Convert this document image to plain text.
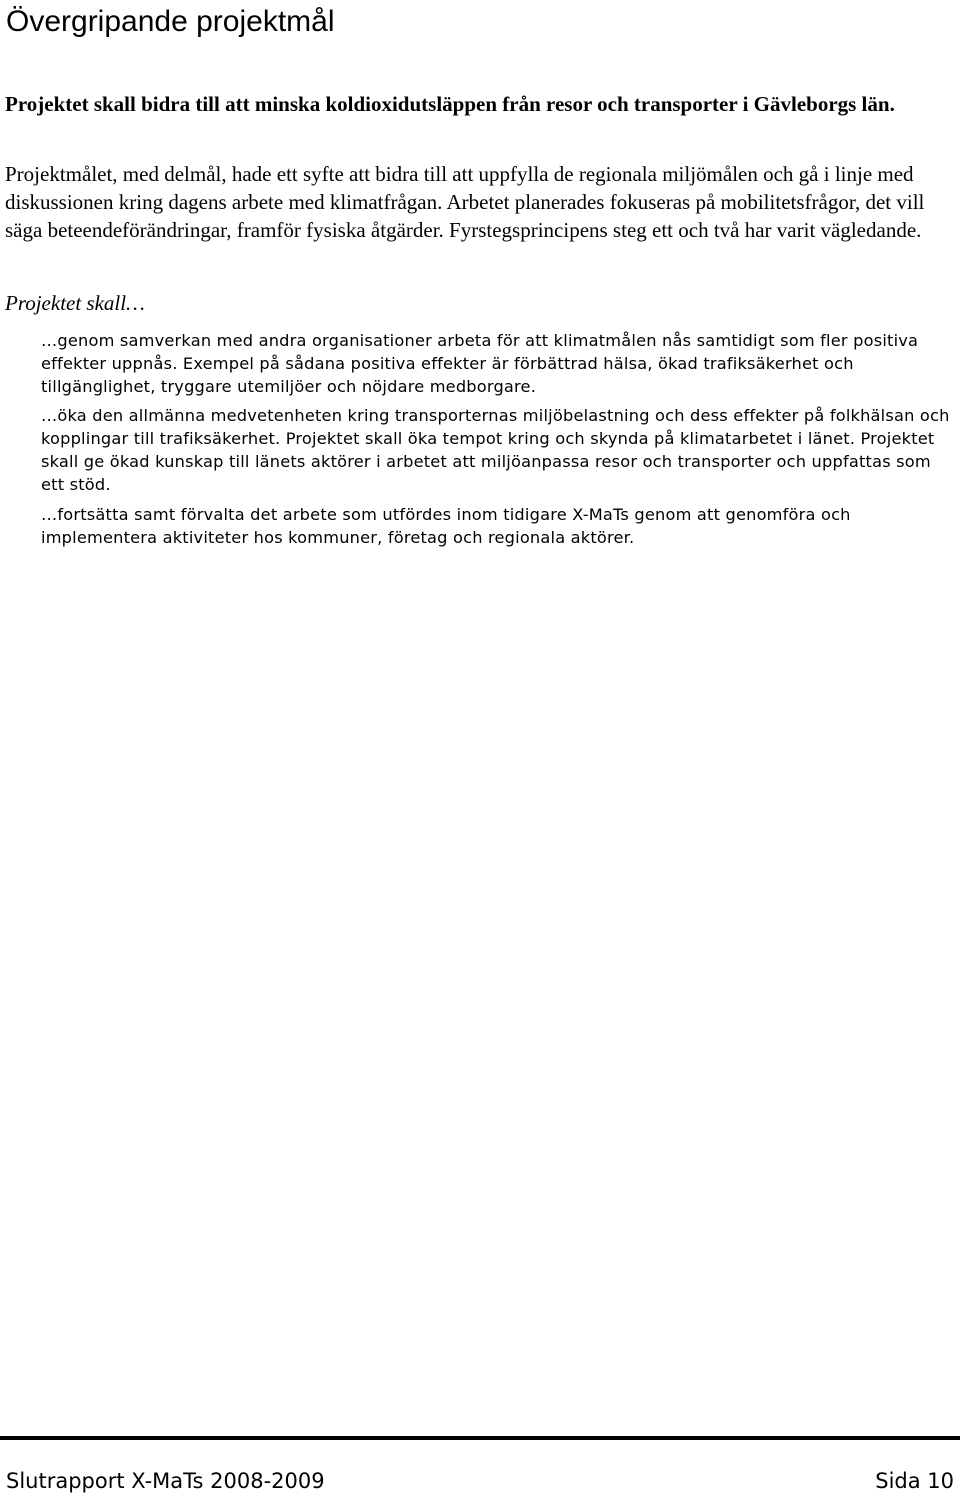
Övergripande projektmål

Projektet skall bidra till att minska koldioxidutsläppen från resor och transporter i Gävleborgs län.

Projektmålet, med delmål, hade ett syfte att bidra till att uppfylla de regionala miljömålen och gå i linje med diskussionen kring dagens arbete med klimatfrågan. Arbetet planerades fokuseras på mobilitetsfrågor, det vill säga beteendeförändringar, framför fysiska åtgärder. Fyrstegsprincipens steg ett och två har varit vägledande.

Projektet skall…

…genom samverkan med andra organisationer arbeta för att klimatmålen nås samtidigt som fler positiva effekter uppnås. Exempel på sådana positiva effekter är förbättrad hälsa, ökad trafiksäkerhet och tillgänglighet, tryggare utemiljöer och nöjdare medborgare.

…öka den allmänna medvetenheten kring transporternas miljöbelastning och dess effekter på folkhälsan och kopplingar till trafiksäkerhet. Projektet skall öka tempot kring och skynda på klimatarbetet i länet. Projektet skall ge ökad kunskap till länets aktörer i arbetet att miljöanpassa resor och transporter och uppfattas som ett stöd.

…fortsätta samt förvalta det arbete som utfördes inom tidigare X-MaTs genom att genomföra och implementera aktiviteter hos kommuner, företag och regionala aktörer.

Slutrapport X-MaTs 2008-2009	Sida 10
